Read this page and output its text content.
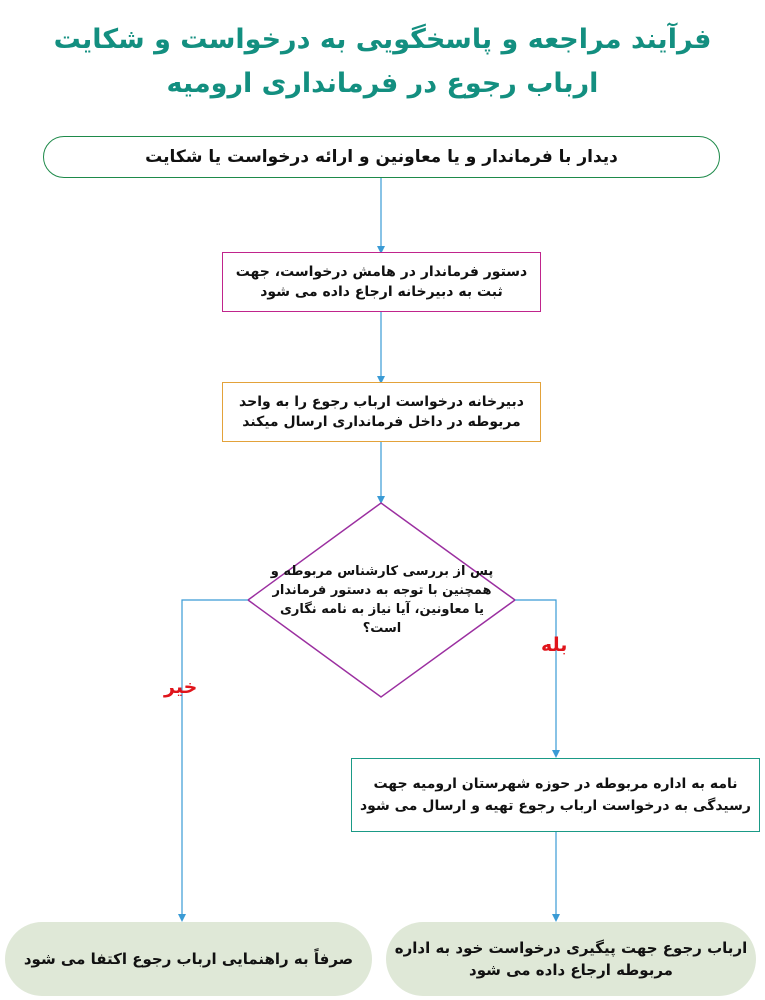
فرآیند مراجعه و پاسخگویی به درخواست و شکایت
ارباب رجوع در فرمانداری ارومیه
دیدار با فرماندار و یا معاونین و ارائه درخواست یا شکایت
دستور فرماندار در هامش درخواست، جهت ثبت به دبیرخانه ارجاع داده می شود
دبیرخانه درخواست ارباب رجوع را به واحد مربوطه در داخل فرمانداری ارسال میکند
پس از بررسی کارشناس مربوطه و همچنین با توجه به دستور فرماندار یا معاونین، آیا نیاز به نامه نگاری است؟
نامه به اداره مربوطه در حوزه شهرستان ارومیه جهت رسیدگی به درخواست ارباب رجوع تهیه و ارسال می شود
صرفاً به راهنمایی ارباب رجوع اکتفا می شود
ارباب رجوع جهت پیگیری درخواست خود به اداره مربوطه ارجاع داده می شود
خیر
بله
